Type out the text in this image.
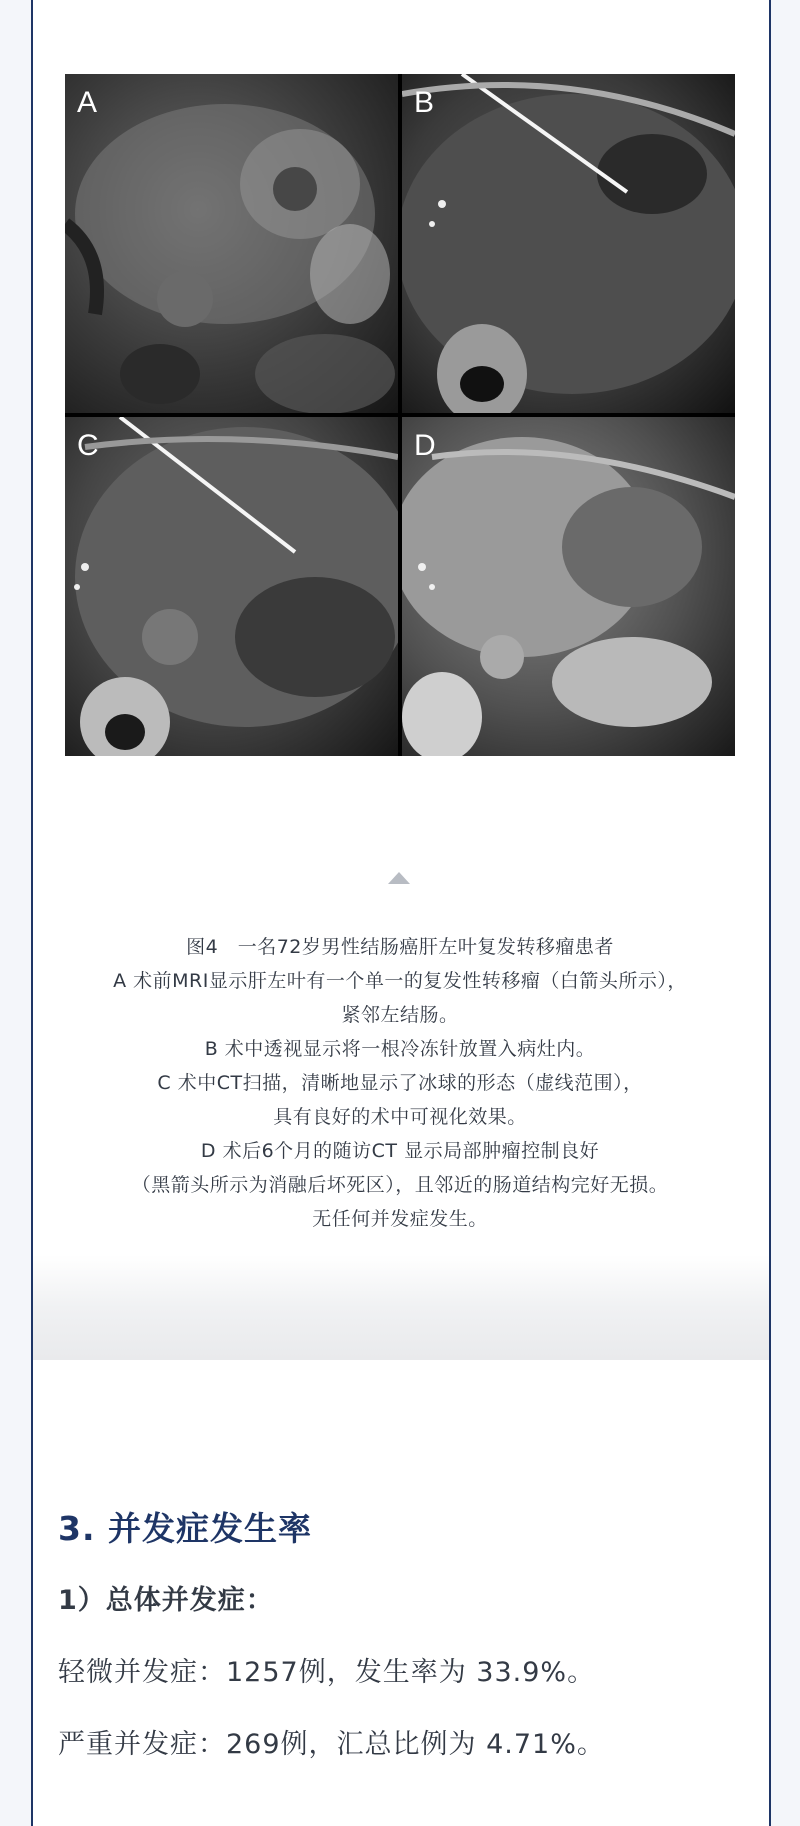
A	B
C	D
图4　一名72岁男性结肠癌肝左叶复发转移瘤患者
A 术前MRI显示肝左叶有一个单一的复发性转移瘤（白箭头所示），
紧邻左结肠。
B 术中透视显示将一根冷冻针放置入病灶内。
C 术中CT扫描，清晰地显示了冰球的形态（虚线范围），
具有良好的术中可视化效果。
D 术后6个月的随访CT 显示局部肿瘤控制良好
（黑箭头所示为消融后坏死区），且邻近的肠道结构完好无损。
无任何并发症发生。
3. 并发症发生率
1）总体并发症：
轻微并发症：1257例，发生率为 33.9%。
严重并发症：269例，汇总比例为 4.71%。
